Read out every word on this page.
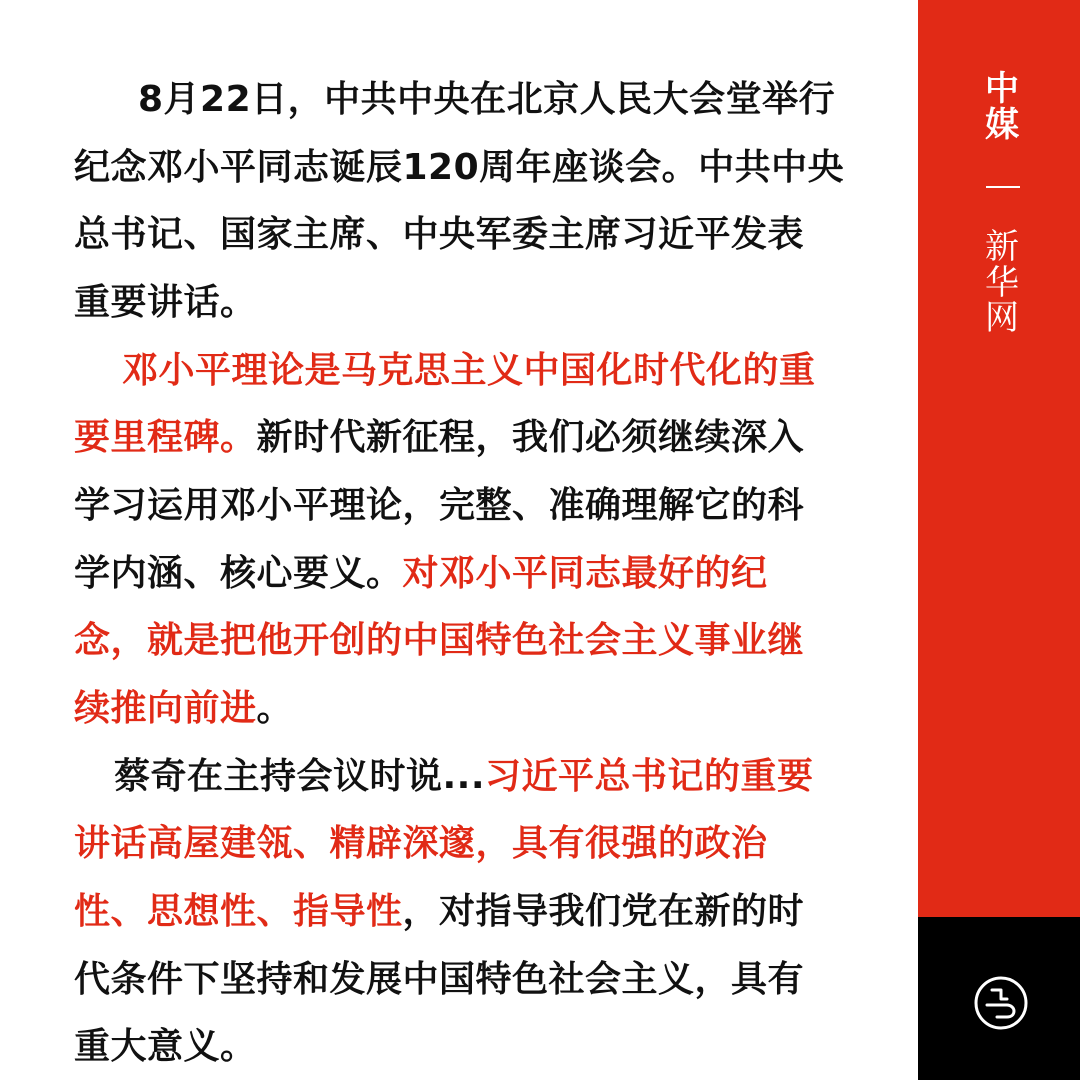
8月22日，中共中央在北京人民大会堂举行
纪念邓小平同志诞辰120周年座谈会。中共中央
总书记、国家主席、中央军委主席习近平发表
重要讲话。

邓小平理论是马克思主义中国化时代化的重
要里程碑。新时代新征程，我们必须继续深入
学习运用邓小平理论，完整、准确理解它的科
学内涵、核心要义。对邓小平同志最好的纪
念，就是把他开创的中国特色社会主义事业继
续推向前进。

蔡奇在主持会议时说...习近平总书记的重要
讲话高屋建瓴、精辟深邃，具有很强的政治
性、思想性、指导性，对指导我们党在新的时
代条件下坚持和发展中国特色社会主义，具有
重大意义。

中
媒
新
华
网
